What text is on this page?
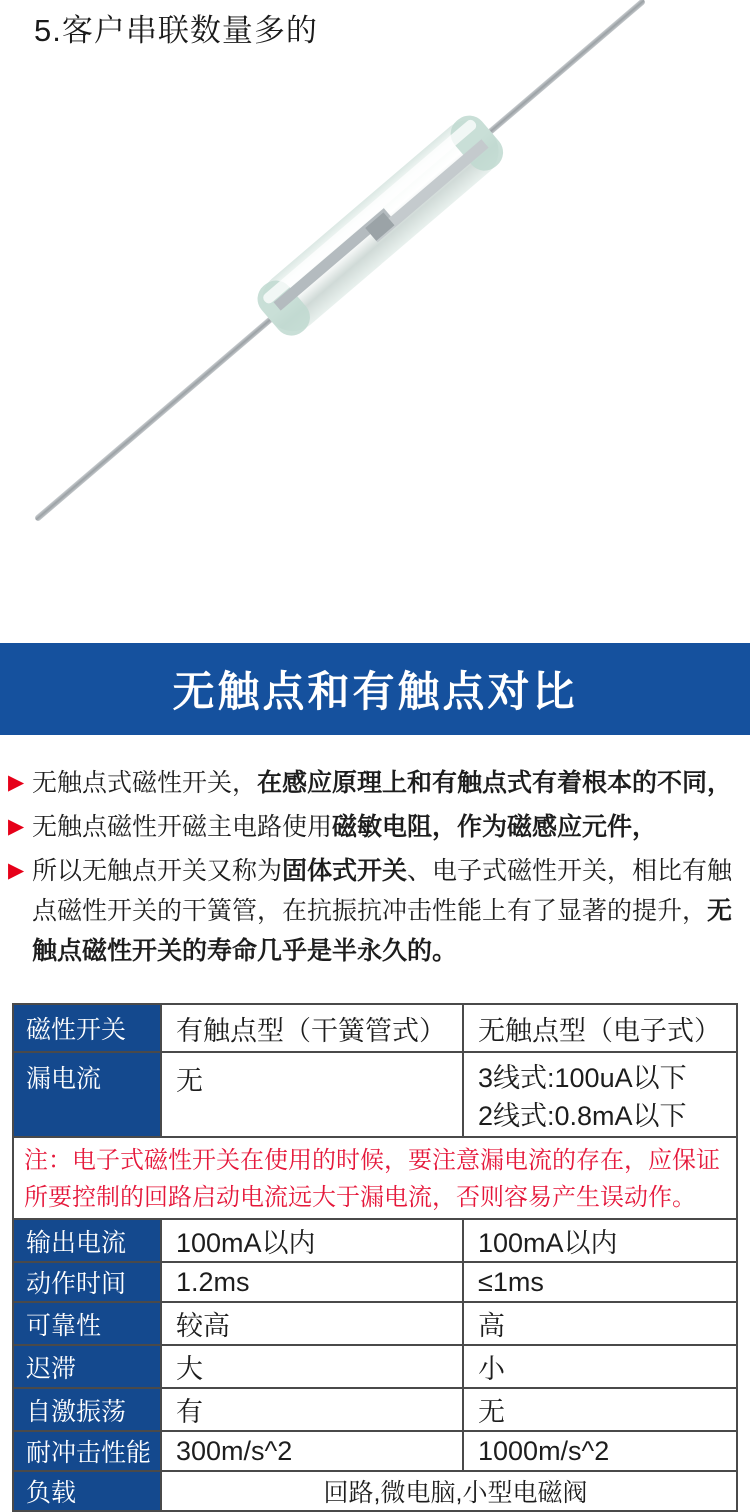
5.客户串联数量多的
无触点和有触点对比
▶ 无触点式磁性开关，在感应原理上和有触点式有着根本的不同，
▶ 无触点磁性开磁主电路使用磁敏电阻，作为磁感应元件，
▶ 所以无触点开关又称为固体式开关、电子式磁性开关，相比有触点磁性开关的干簧管，在抗振抗冲击性能上有了显著的提升，无触点磁性开关的寿命几乎是半永久的。
磁性开关	有触点型（干簧管式）	无触点型（电子式）
漏电流	无	3线式:100uA以下
2线式:0.8mA以下

注：电子式磁性开关在使用的时候，要注意漏电流的存在，应保证
所要控制的回路启动电流远大于漏电流，否则容易产生误动作。		

输出电流	100mA以内	100mA以内
动作时间	1.2ms	≤1ms
可靠性	较高	高
迟滞	大	小
自激振荡	有	无
耐冲击性能	300m/s^2	1000m/s^2
负载	回路,微电脑,小型电磁阀	
